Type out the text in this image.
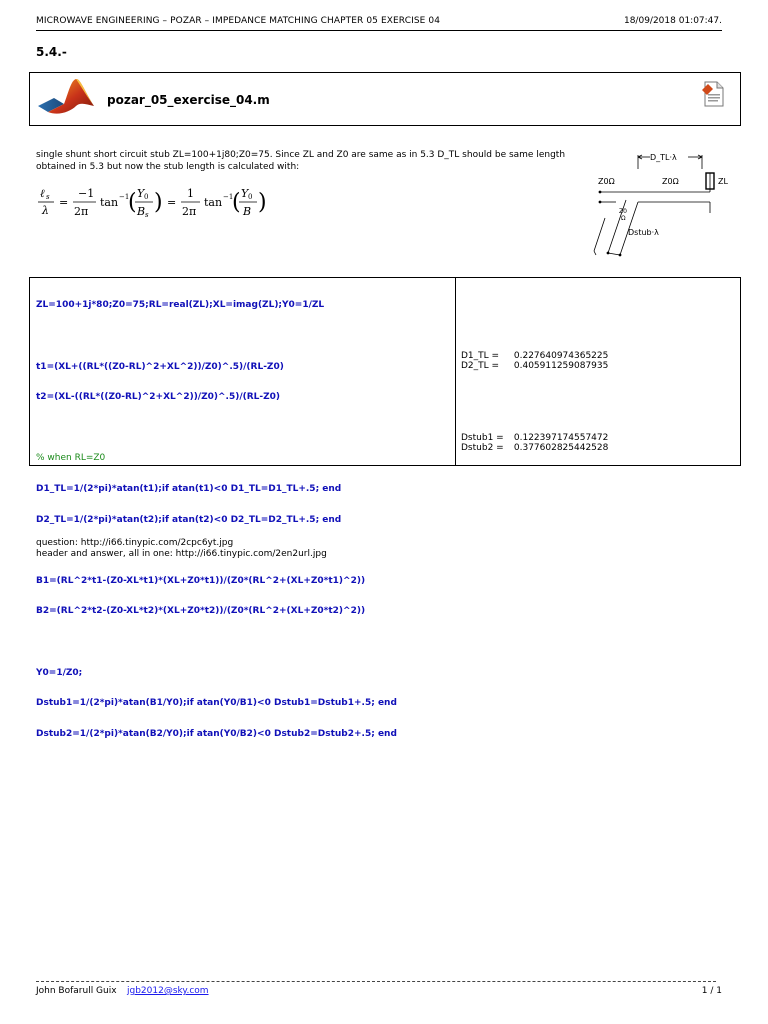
MICROWAVE ENGINEERING – POZAR – IMPEDANCE MATCHING CHAPTER 05 EXERCISE 04	18/09/2018 01:07:47.
5.4.-
pozar_05_exercise_04.m
single shunt short circuit stub ZL=100+1j80;Z0=75. Since ZL and Z0 are same as in 5.3 D_TL should be same length obtained in 5.3 but now the stub length is calculated with:
ℓ s
λ
=
−1
2π
tan −1
( Y 0
B s ) =
1
2π
tan −1
( Y 0
B )
D_TL·λ
Z0Ω	Z0Ω	ZL
Z0
Ω
Dstub·λ

ZL=100+1j*80;Z0=75;RL=real(ZL);XL=imag(ZL);Y0=1/ZL

t1=(XL+((RL*((Z0-RL)^2+XL^2))/Z0)^.5)/(RL-Z0)

t2=(XL-((RL*((Z0-RL)^2+XL^2))/Z0)^.5)/(RL-Z0)

% when RL=Z0

D1_TL=1/(2*pi)*atan(t1);if atan(t1)<0 D1_TL=D1_TL+.5; end

D2_TL=1/(2*pi)*atan(t2);if atan(t2)<0 D2_TL=D2_TL+.5; end

B1=(RL^2*t1-(Z0-XL*t1)*(XL+Z0*t1))/(Z0*(RL^2+(XL+Z0*t1)^2))

B2=(RL^2*t2-(Z0-XL*t2)*(XL+Z0*t2))/(Z0*(RL^2+(XL+Z0*t2)^2))

Y0=1/Z0;

Dstub1=1/(2*pi)*atan(B1/Y0);if atan(Y0/B1)<0 Dstub1=Dstub1+.5; end

Dstub2=1/(2*pi)*atan(B2/Y0);if atan(Y0/B2)<0 Dstub2=Dstub2+.5; end

D1_TL = 0.227640974365225
D2_TL = 0.405911259087935
Dstub1 = 0.122397174557472
Dstub2 = 0.377602825442528
question: http://i66.tinypic.com/2cpc6yt.jpg
header and answer, all in one: http://i66.tinypic.com/2en2url.jpg
John Bofarull Guix jgb2012@sky.com	1 / 1
